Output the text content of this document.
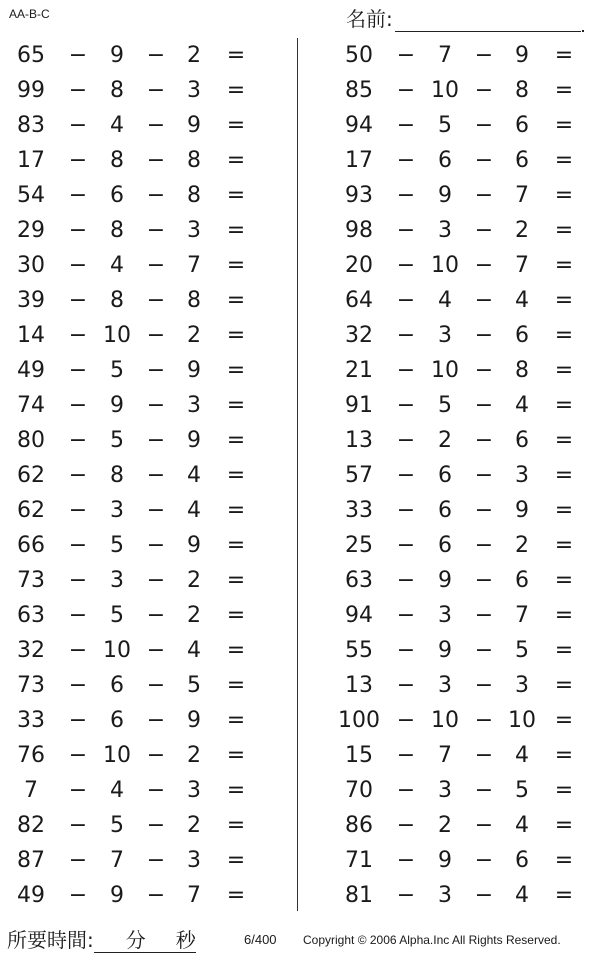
AA-B-C	名前:
65	−	9	− 2	=
99	−	8	− 3	=
83	−	4	− 9	=
17	−	8	− 8	=
54	−	6	− 8	=
29	−	8	− 3	=
30	−	4	− 7	=
39	−	8	− 8	=
14	− 10 − 2	=
49	−	5	− 9	=
74	−	9	− 3	=
80	−	5	− 9	=
62	−	8	− 4	=
62	−	3	− 4	=
66	−	5	− 9	=
73	−	3	− 2	=
63	−	5	− 2	=
32	− 10 − 4	=
73	−	6	− 5	=
33	−	6	− 9	=
76	− 10 − 2	=
7	−	4	− 3	=
82	−	5	− 2	=
87	−	7	− 3	=
49	−	9	− 7	=
50	−	7	− 9	=
85	− 10 − 8	=
94	−	5	− 6	=
17	−	6	− 6	=
93	−	9	− 7	=
98	−	3	− 2	=
20	− 10 − 7	=
64	−	4	− 4	=
32	−	3	− 6	=
21	− 10 − 8	=
91	−	5	− 4	=
13	−	2	− 6	=
57	−	6	− 3	=
33	−	6	− 9	=
25	−	6	− 2	=
63	−	9	− 6	=
94	−	3	− 7	=
55	−	9	− 5	=
13	−	3	− 3	=
100 − 10 − 10 =
15	−	7	− 4	=
70	−	3	− 5	=
86	−	2	− 4	=
71	−	9	− 6	=
81	−	3	− 4	=
所要時間:	分	秒	6/400 Copyright © 2006 Alpha.Inc All Rights Reserved.
